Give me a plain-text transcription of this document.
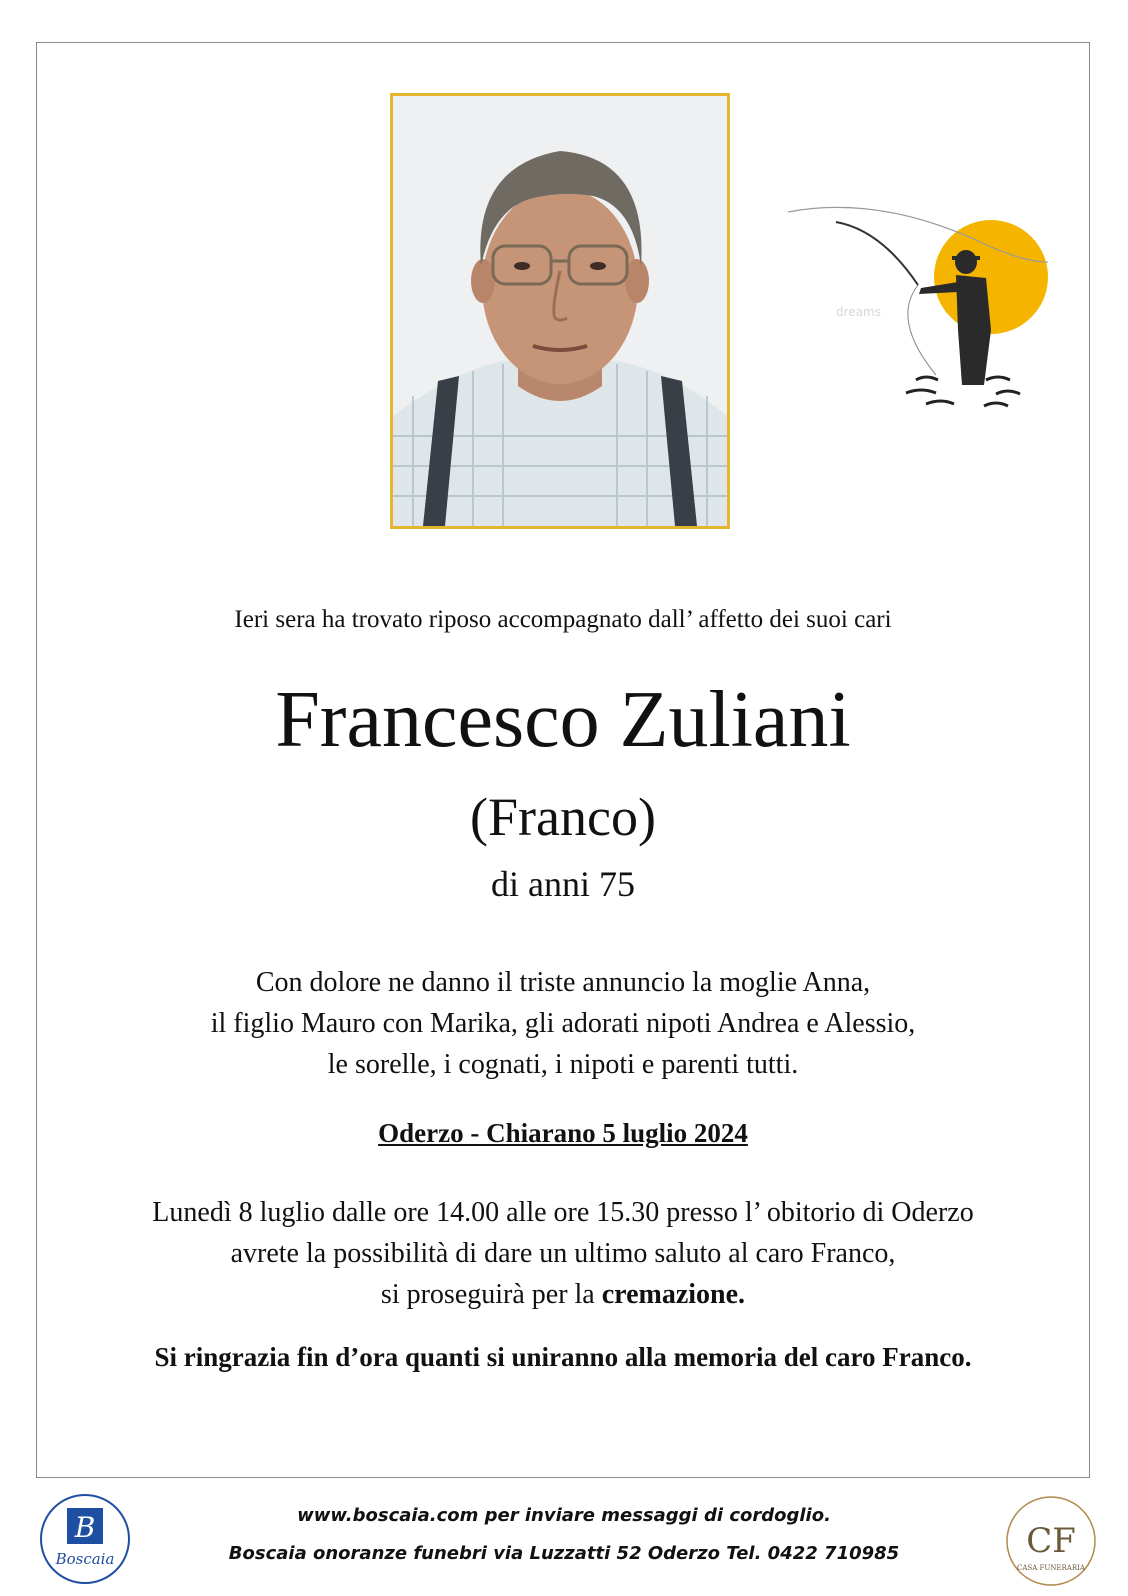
dreams

Ieri sera ha trovato riposo accompagnato dall’ affetto dei suoi cari

Francesco Zuliani

(Franco)

di anni 75

Con dolore ne danno il triste annuncio la moglie Anna,
il figlio Mauro con Marika, gli adorati nipoti Andrea e Alessio,
le sorelle, i cognati, i nipoti e parenti tutti.

Oderzo - Chiarano 5 luglio 2024

Lunedì 8 luglio dalle ore 14.00 alle ore 15.30 presso l’ obitorio di Oderzo
avrete la possibilità di dare un ultimo saluto al caro Franco,
si proseguirà per la cremazione.

Si ringrazia fin d’ora quanti si uniranno alla memoria del caro Franco.

B
Boscaia

www.boscaia.com per inviare messaggi di cordoglio.

Boscaia onoranze funebri via Luzzatti 52 Oderzo Tel. 0422 710985	CF
CASA FUNERARIA
